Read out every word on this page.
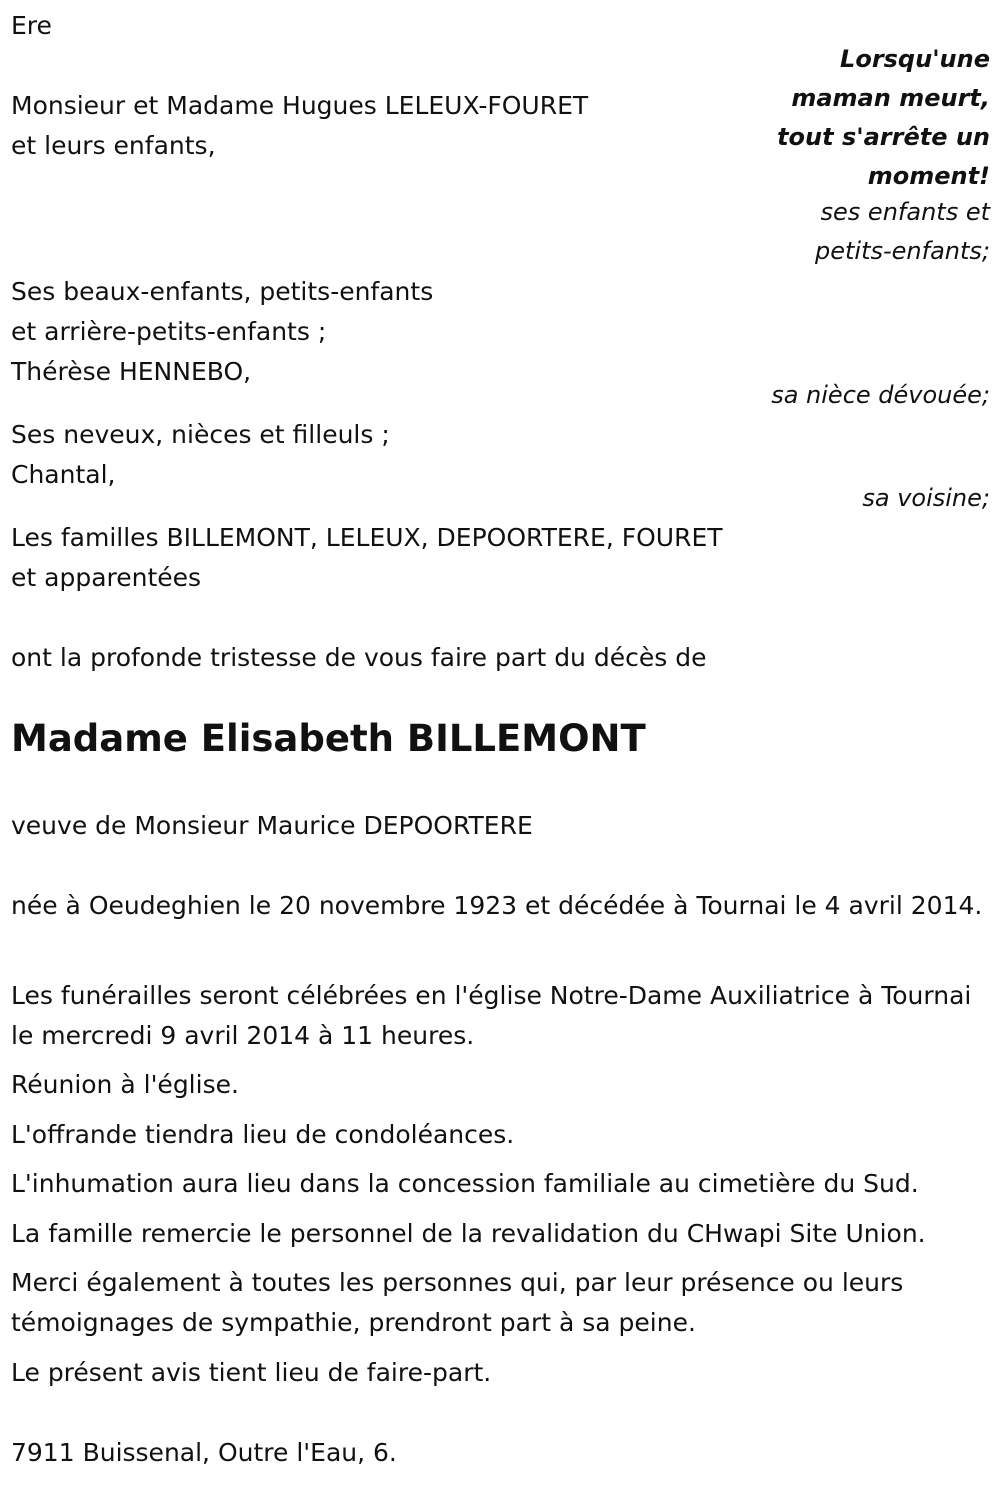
Ere
Lorsqu'une
maman meurt,
tout s'arrête un
moment!
Monsieur et Madame Hugues LELEUX-FOURET
et leurs enfants,
ses enfants et
petits-enfants;
Ses beaux-enfants, petits-enfants
et arrière-petits-enfants ;
Thérèse HENNEBO,
sa nièce dévouée;
Ses neveux, nièces et filleuls ;
Chantal,
sa voisine;
Les familles BILLEMONT, LELEUX, DEPOORTERE, FOURET
et apparentées
ont la profonde tristesse de vous faire part du décès de
Madame Elisabeth BILLEMONT
veuve de Monsieur Maurice DEPOORTERE
née à Oeudeghien le 20 novembre 1923 et décédée à Tournai le 4 avril 2014.
Les funérailles seront célébrées en l'église Notre-Dame Auxiliatrice à Tournai le mercredi 9 avril 2014 à 11 heures.
Réunion à l'église.
L'offrande tiendra lieu de condoléances.
L'inhumation aura lieu dans la concession familiale au cimetière du Sud.
La famille remercie le personnel de la revalidation du CHwapi Site Union.
Merci également à toutes les personnes qui, par leur présence ou leurs témoignages de sympathie, prendront part à sa peine.
Le présent avis tient lieu de faire-part.
7911 Buissenal, Outre l'Eau, 6.
